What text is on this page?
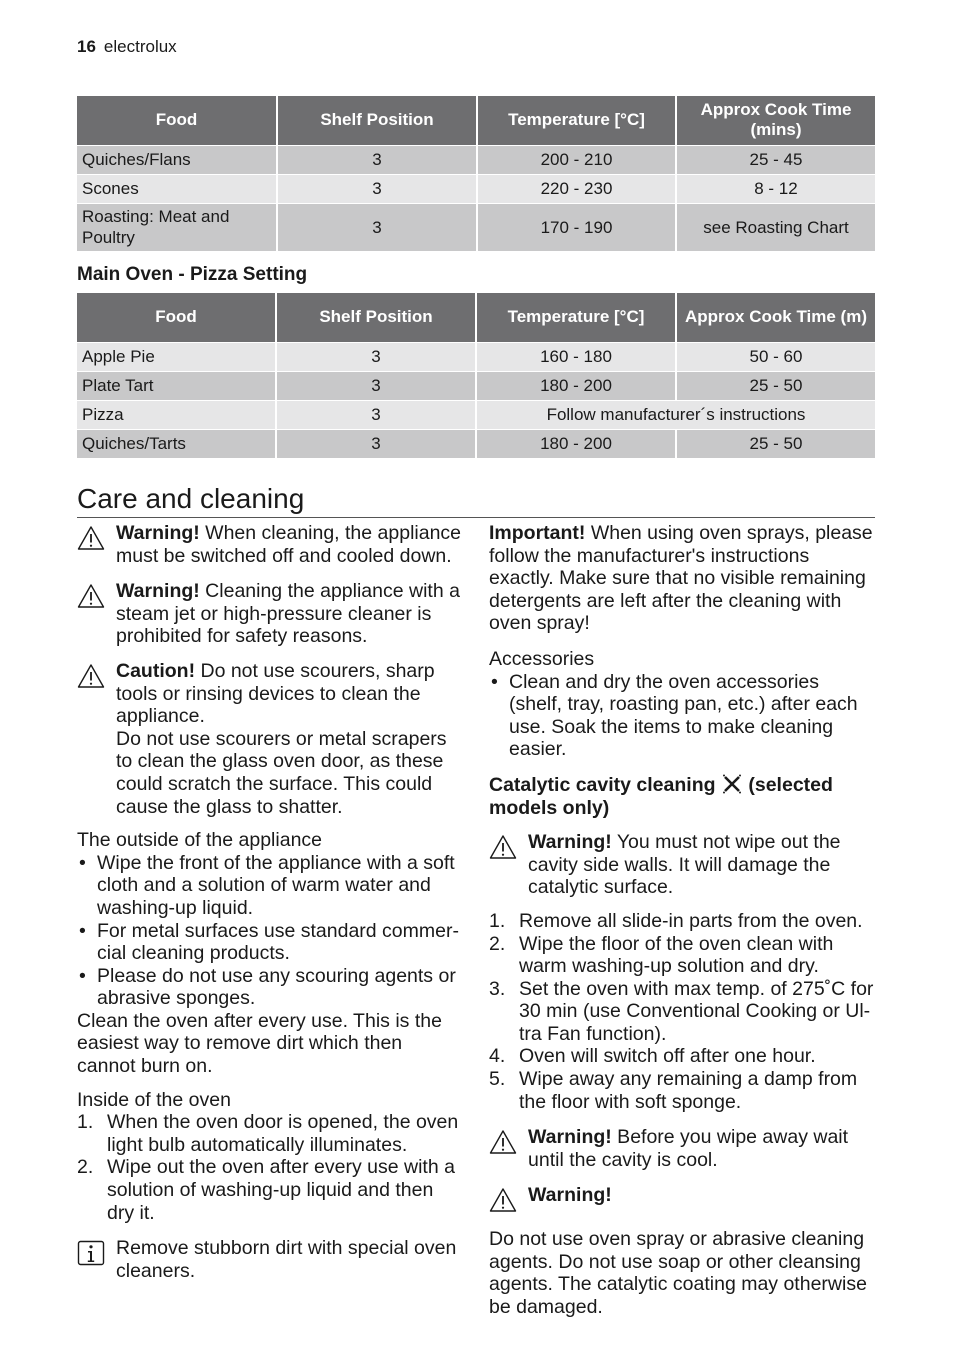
16 electrolux
Food	Shelf Position	Temperature [°C]	Approx Cook Time (mins)
Quiches/Flans	3	200 - 210	25 - 45
Scones	3	220 - 230	8 - 12
Roasting: Meat and Poultry	3	170 - 190	see Roasting Chart
Main Oven - Pizza Setting
Food	Shelf Position	Temperature [°C]	Approx Cook Time (m)
Apple Pie	3	160 - 180	50 - 60
Plate Tart	3	180 - 200	25 - 50
Pizza	3	Follow manufacturer´s instructions	
Quiches/Tarts	3	180 - 200	25 - 50
Care and cleaning
Warning! When cleaning, the appliance must be switched off and cooled down.
Warning! Cleaning the appliance with a steam jet or high-pressure cleaner is prohibited for safety reasons.
Caution! Do not use scourers, sharp tools or rinsing devices to clean the appliance.

Do not use scourers or metal scrapers to clean the glass oven door, as these could scratch the surface. This could cause the glass to shatter.

The outside of the appliance

• Wipe the front of the appliance with a soft cloth and a solution of warm water and washing-up liquid.
• For metal surfaces use standard commer-cial cleaning products.
• Please do not use any scouring agents or abrasive sponges.

Clean the oven after every use. This is the easiest way to remove dirt which then cannot burn on.

Inside of the oven

1. When the oven door is opened, the oven light bulb automatically illuminates.
2. Wipe out the oven after every use with a solution of washing-up liquid and then dry it.
Remove stubborn dirt with special oven cleaners.

Important! When using oven sprays, please follow the manufacturer's instructions exactly. Make sure that no visible remaining detergents are left after the cleaning with oven spray!

Accessories

• Clean and dry the oven accessories (shelf, tray, roasting pan, etc.) after each use. Soak the items to make cleaning easier.

Catalytic cavity cleaning (selected models only)

Warning! You must not wipe out the cavity side walls. It will damage the catalytic surface.
1. Remove all slide-in parts from the oven.
2. Wipe the floor of the oven clean with warm washing-up solution and dry.
3. Set the oven with max temp. of 275˚C for 30 min (use Conventional Cooking or Ul-tra Fan function).
4. Oven will switch off after one hour.
5. Wipe away any remaining a damp from the floor with soft sponge.
Warning! Before you wipe away wait until the cavity is cool.
Warning!

Do not use oven spray or abrasive cleaning agents. Do not use soap or other cleansing agents. The catalytic coating may otherwise be damaged.
